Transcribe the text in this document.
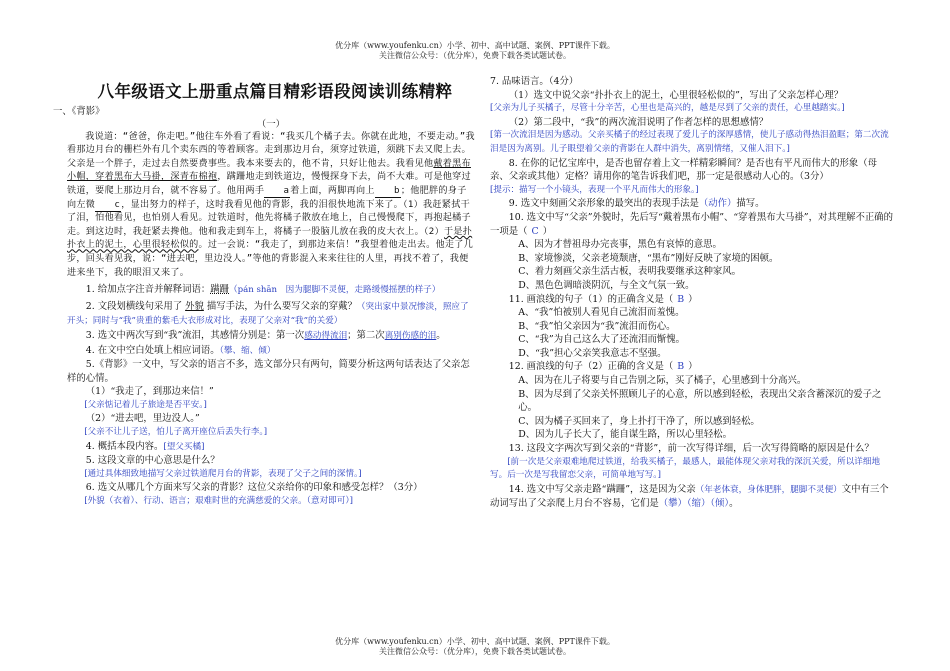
优分库（www.youfenku.cn）小学、初中、高中试题、案例、PPT课件下载。
关注微信公众号：（优分库），免费下载各类试题试卷。
八年级语文上册重点篇目精彩语段阅读训练精粹

一、《背影》

（一）

我说道：“爸爸，你走吧。”他往车外看了看说：“我买几个橘子去。你就在此地，不要走动。”我看那边月台的栅栏外有几个卖东西的等着顾客。走到那边月台，须穿过铁道，须跳下去又爬上去。父亲是一个胖子，走过去自然要费事些。我本来要去的，他不肯，只好让他去。我看见他戴着黑布小帽，穿着黑布大马褂，深青布棉袍，蹒跚地走到铁道边，慢慢探身下去，尚不大难。可是他穿过铁道，要爬上那边月台，就不容易了。他用两手 a着上面，两脚再向上 b；他肥胖的身子向左微 c，显出努力的样子，这时我看见他的背影，我的泪很快地流下来了。（1）我赶紧拭干了泪，怕他看见，也怕别人看见。过铁道时，他先将橘子散放在地上，自己慢慢爬下，再抱起橘子走。到这边时，我赶紧去搀他。他和我走到车上，将橘子一股脑儿放在我的皮大衣上。（2）于是扑扑衣上的泥土，心里很轻松似的。过一会说：“我走了，到那边来信！”我望着他走出去。他走了几步，回头看见我，说：“进去吧，里边没人。”等他的背影混入来来往往的人里，再找不着了，我便进来坐下，我的眼泪又来了。

1. 给加点字注音并解释词语：蹒跚（pán shān　因为腿脚不灵便，走路缓慢摇摆的样子）

2. 文段划横线句采用了 外貌 描写手法，为什么要写父亲的穿戴？（突出家中景况惨淡，照应了开头；同时与“我”贵重的紫毛大衣形成对比，表现了父亲对“我”的关爱）

3. 选文中两次写到“我”流泪，其感情分别是：第一次感动得流泪；第二次离别伤感的泪。

4. 在文中空白处填上相应词语。（攀、缩、倾）

5.《背影》一文中，写父亲的语言不多，选文部分只有两句，简要分析这两句话表达了父亲怎样的心情。

（1）“我走了，到那边来信！”

[父亲惦记着儿子旅途是否平安。]

（2）“进去吧，里边没人。”

[父亲不让儿子送，怕儿子离开座位后丢失行李。]

4. 概括本段内容。[望父买橘]

5. 这段文章的中心意思是什么？

[通过具体细致地描写父亲过铁道爬月台的背影，表现了父子之间的深情。]

6. 选文从哪几个方面来写父亲的背影？这位父亲给你的印象和感受怎样？（3分）

[外貌（衣着）、行动、语言；艰难时世的充满慈爱的父亲。（意对即可）]

7. 品味语言。（4分）

（1）选文中说父亲“扑扑衣上的泥土，心里很轻松似的”，写出了父亲怎样心理？

[父亲为儿子买橘子，尽管十分辛苦，心里也是高兴的，越是尽到了父亲的责任，心里越踏实。]

（2）第二段中，“我”的两次流泪说明了作者怎样的思想感情？

[第一次流泪是因为感动。父亲买橘子的经过表现了爱儿子的深厚感情，使儿子感动得热泪盈眶；第二次流泪是因为离别。儿子眼望着父亲的背影在人群中消失，离别情绪，又催人泪下。]

8. 在你的记忆宝库中，是否也留存着上文一样精彩瞬间？是否也有平凡而伟大的形象（母亲、父亲或其他）定格？请用你的笔告诉我们吧，那一定是很感动人心的。（3分）

[提示：描写一个小镜头，表现一个平凡而伟大的形象。]

9. 选文中刻画父亲形象的最突出的表现手法是（动作）描写。

10. 选文中写“父亲”外貌时，先后写“戴着黑布小帽”、“穿着黑布大马褂”，对其理解不正确的一项是（ C ）

A、因为才替祖母办完丧事，黑色有哀悼的意思。

B、家境惨淡，父亲老境颓唐，“黑布”刚好反映了家境的困顿。

C、着力刻画父亲生活古板，表明我要继承这种家风。

D、黑色色调暗淡阴沉，与全文气氛一致。

11. 画浪线的句子（1）的正确含义是（ B ）

A、“我”怕被别人看见自己流泪而羞愧。

B、“我”怕父亲因为“我”流泪而伤心。

C、“我”为自己这么大了还流泪而惭愧。

D、“我”担心父亲笑我意志不坚强。

12. 画浪线的句子（2）正确的含义是（ B ）

A、因为在儿子将要与自己告别之际，买了橘子，心里感到十分高兴。

B、因为尽到了父亲关怀照顾儿子的心意，所以感到轻松，表现出父亲含蓄深沉的爱子之心。

C、因为橘子买回来了，身上扑打干净了，所以感到轻松。

D、因为儿子长大了，能自谋生路，所以心里轻松。

13. 这段文字两次写到父亲的“背影”，前一次写得详细，后一次写得简略的原因是什么？

[前一次是父亲艰难地爬过铁道，给我买橘子，最感人，最能体现父亲对我的深沉关爱，所以详细地写。后一次是写我留恋父亲，可简单地写写。]

14. 选文中写父亲走路“蹒跚”，这是因为父亲（年老体衰，身体肥胖，腿脚不灵便）文中有三个动词写出了父亲爬上月台不容易，它们是（攀）（缩）（倾）。

优分库（www.youfenku.cn）小学、初中、高中试题、案例、PPT课件下载。
关注微信公众号：（优分库），免费下载各类试题试卷。
